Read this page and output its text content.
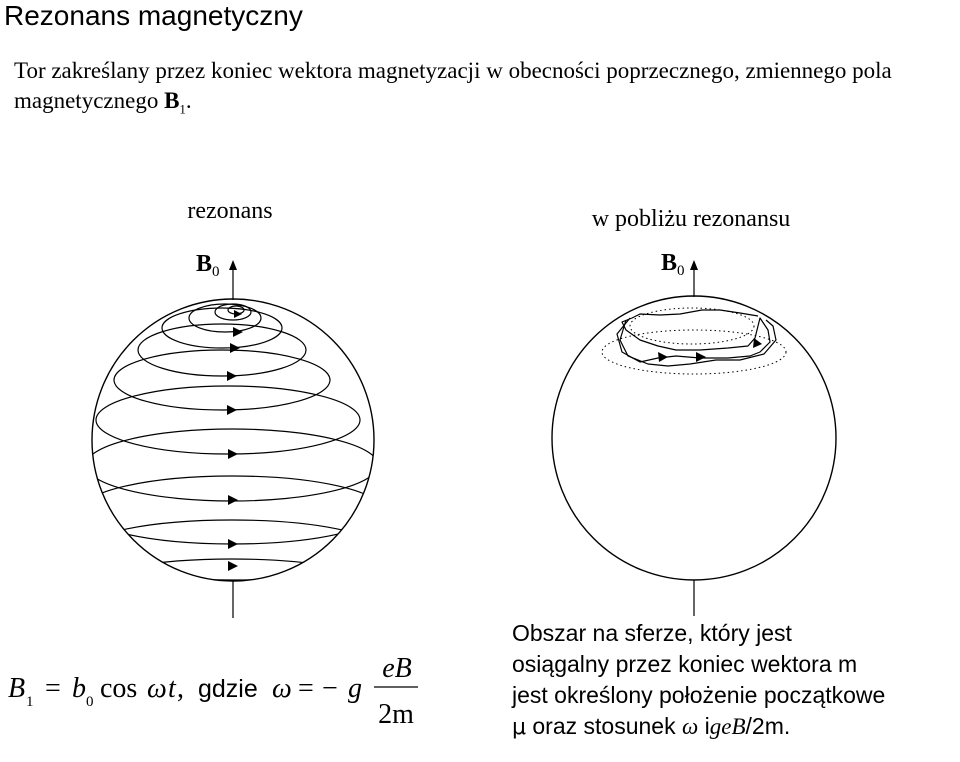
Rezonans magnetyczny
Tor zakreślany przez koniec wektora magnetyzacji w obecności poprzecznego, zmiennego pola magnetycznego $B_1$.
rezonans
$B_0$
w pobliżu rezonansu
$B_0$
B 1 = b 0 cos ω t , gdzie ω = − g
eB
2m
Obszar na sferze, który jest
osiągalny przez koniec wektora m
jest określony położenie początkowe
μ oraz stosunek ω igeB/2m.
